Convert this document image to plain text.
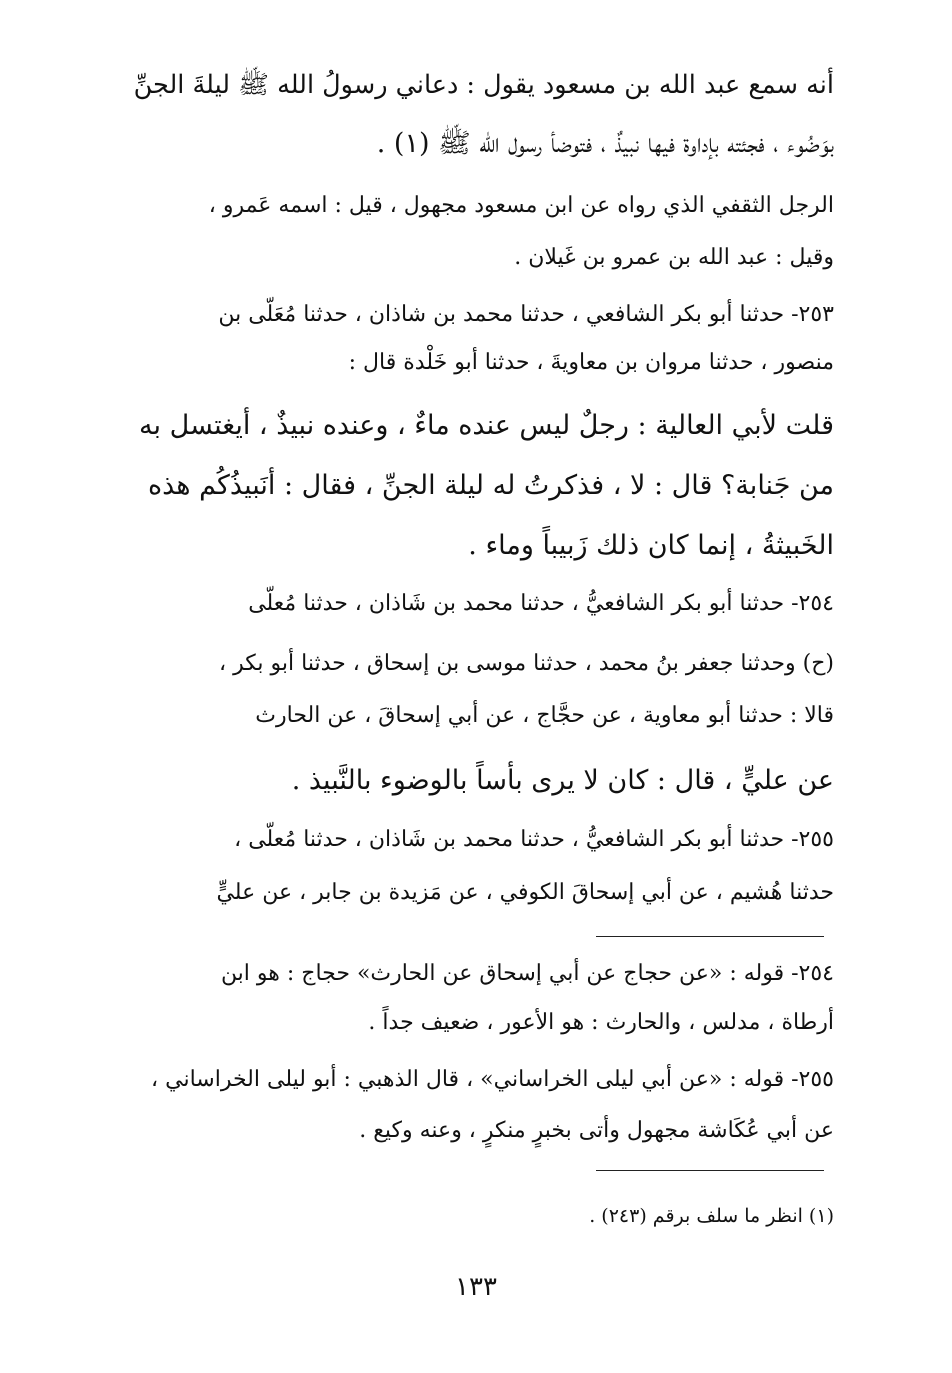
أنه سمع عبد الله بن مسعود يقول : دعاني رسولُ الله ﷺ ليلةَ الجنِّ
بوَضُوء ، فجئته بإداوة فيها نبيذٌ ، فتوضأ رسول الله ﷺ (١) .
الرجل الثقفي الذي رواه عن ابن مسعود مجهول ، قيل : اسمه عَمرو ،
وقيل : عبد الله بن عمرو بن غَيلان .
٢٥٣- حدثنا أبو بكر الشافعي ، حدثنا محمد بن شاذان ، حدثنا مُعَلّى بن
منصور ، حدثنا مروان بن معاويةَ ، حدثنا أبو خَلْدة قال :
قلت لأبي العالية : رجلٌ ليس عنده ماءٌ ، وعنده نبيذٌ ، أيغتسل به
من جَنابة؟ قال : لا ، فذكرتُ له ليلة الجنِّ ، فقال : أنَبيذُكُم هذه
الخَبيثةُ ، إنما كان ذلك زَبيباً وماء .
٢٥٤- حدثنا أبو بكر الشافعيُّ ، حدثنا محمد بن شَاذان ، حدثنا مُعلّى
(ح) وحدثنا جعفر بنُ محمد ، حدثنا موسى بن إسحاق ، حدثنا أبو بكر ،
قالا : حدثنا أبو معاوية ، عن حجَّاج ، عن أبي إسحاقَ ، عن الحارث
عن عليٍّ ، قال : كان لا يرى بأساً بالوضوء بالنَّبيذ .
٢٥٥- حدثنا أبو بكر الشافعيُّ ، حدثنا محمد بن شَاذان ، حدثنا مُعلّى ،
حدثنا هُشيم ، عن أبي إسحاقَ الكوفي ، عن مَزيدة بن جابر ، عن عليٍّ
٢٥٤- قوله : «عن حجاج عن أبي إسحاق عن الحارث» حجاج : هو ابن
أرطاة ، مدلس ، والحارث : هو الأعور ، ضعيف جداً .
٢٥٥- قوله : «عن أبي ليلى الخراساني» ، قال الذهبي : أبو ليلى الخراساني ،
عن أبي عُكَاشة مجهول وأتى بخبرٍ منكرٍ ، وعنه وكيع .
(١) انظر ما سلف برقم (٢٤٣) .
١٣٣
